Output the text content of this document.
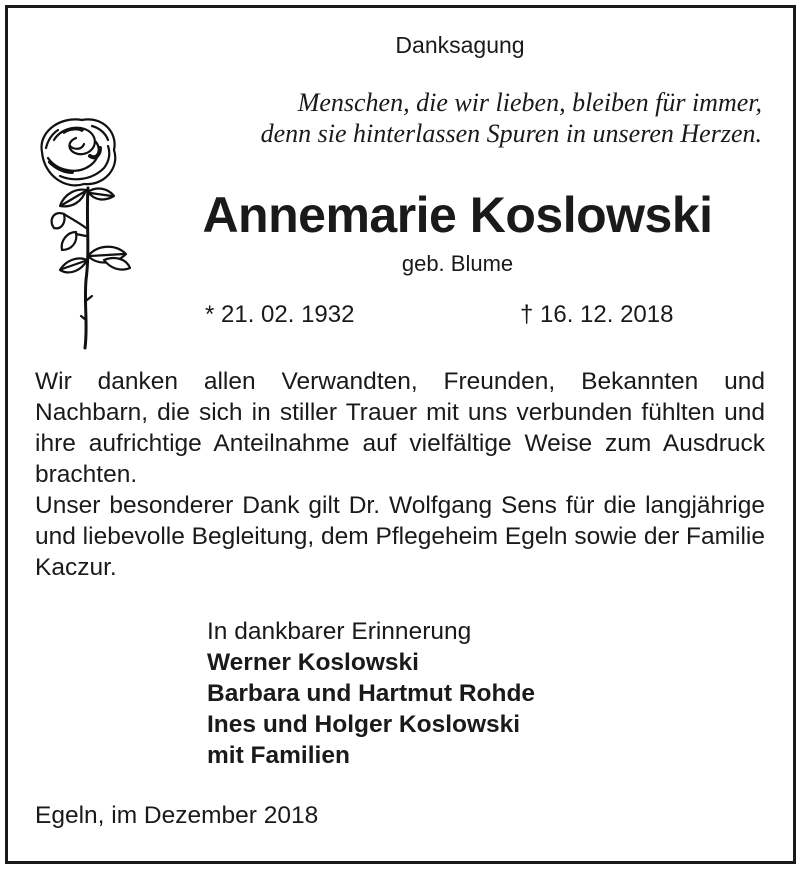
Danksagung
Menschen, die wir lieben, bleiben für immer,
denn sie hinterlassen Spuren in unseren Herzen.
Annemarie Koslowski
geb. Blume
* 21. 02. 1932	† 16. 12. 2018

Wir danken allen Verwandten, Freunden, Bekannten und Nachbarn, die sich in stiller Trauer mit uns verbunden fühlten und ihre aufrichtige Anteilnahme auf vielfältige Weise zum Ausdruck brachten.

Unser besonderer Dank gilt Dr. Wolfgang Sens für die langjährige und liebevolle Begleitung, dem Pflegeheim Egeln sowie der Familie Kaczur.

In dankbarer Erinnerung
Werner Koslowski
Barbara und Hartmut Rohde
Ines und Holger Koslowski
mit Familien
Egeln, im Dezember 2018
